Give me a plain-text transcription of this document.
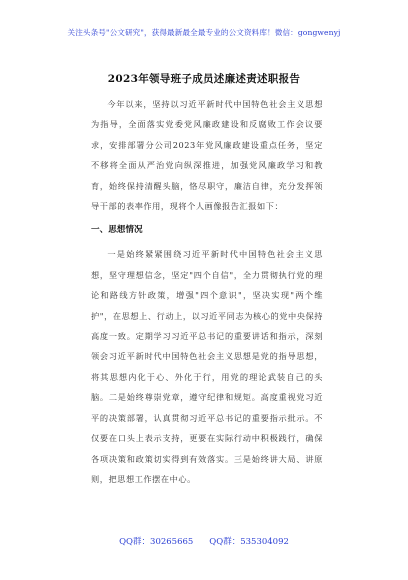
关注头条号"公文研究"，获得最新最全最专业的公文资料库！微信：gongwenyj
2023年领导班子成员述廉述责述职报告

今年以来，坚持以习近平新时代中国特色社会主义思想为指导，全面落实党委党风廉政建设和反腐败工作会议要求，安排部署分公司2023年党风廉政建设重点任务，坚定不移将全面从严治党向纵深推进，加强党风廉政学习和教育，始终保持清醒头脑，恪尽职守，廉洁自律，充分发挥领导干部的表率作用，现将个人画像报告汇报如下：

一、思想情况

一是始终紧紧围绕习近平新时代中国特色社会主义思想，坚守理想信念，坚定"四个自信"，全力贯彻执行党的理论和路线方针政策，增强"四个意识"，坚决实现"两个维护"，在思想上、行动上，以习近平同志为核心的党中央保持高度一致。定期学习习近平总书记的重要讲话和指示，深刻领会习近平新时代中国特色社会主义思想是党的指导思想，将其思想内化于心、外化于行，用党的理论武装自己的头脑。二是始终尊崇党章，遵守纪律和规矩。高度重视党习近平的决策部署，认真贯彻习近平总书记的重要指示批示。不仅要在口头上表示支持，更要在实际行动中积极践行，确保各项决策和政策切实得到有效落实。三是始终讲大局、讲原则，把思想工作摆在中心。

QQ群：30265665 QQ群：535304092
